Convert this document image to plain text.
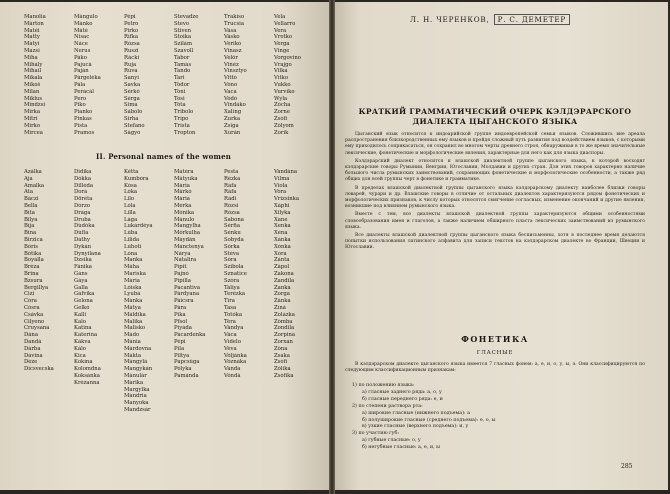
Manolia
Márton
Matéi
Matty
Mátyi
Mazsi
Miha
Mihály
Mihail
Mikala
Mikoš
Milan
Miklus
Mindzsi
Mirka
Mitri
Mirko
Mircea
Mángulo
Mánko
Máté
Nisac
Náce
Nerus
Páko
Pajucá
Paján
Párgeléka
Pála
Perácál
Pero
Piko
Pianko
Pinkas
Pista
Pramos
Pépi
Petro
Pirko
Rífka
Rózsa
Ruszi
Rácki
Ruja
Rúva
Sanyi
Savka
Sérkó
Sérga
Sima
Sábolo
Sirha
Stefano
Ságyo
Stevadze
Stevo
Stiven
Stoika
Szilám
Szavoll
Tabor
Tamás
Tando
Tari
Tódor
Tóni
Tosi
Tóta
Tribolo
Tripo
Trista
Tropton
Trakiso
Trucsia
Vása
Vásko
Vérikó
Vinasz
Velőr
Vinéz
Vinsztyo
Vittó
Vóno
Vaca
Vódó
Vindáko
Xaling
Zurka
Zsiga
Xurán
Vela
Vellarro
Vera
Vrotko
Vérga
Vinge
Vorgovino
Vrajgo
Vilka
Vítko
Vukko
Vurvíko
Wyla
Zócha
Zorne
Zsófi
Zólyom
Zorik
II. Personal names of the women
Azálka
Aja
Amalka
Ata
Báczi
Bella
Bíta
Bilya
Bíja
Bina
Birzica
Bóris
Bótika
Boyálla
Bréza
Brina
Bzsura
Bergillya
Cizi
Córa
Cósra
Csávka
Cilyeno
Cruysana
Dána
Dandá
Dárba
Dávina
Déze
Dícsvecska
Didika
Dókka
Dilléda
Dorá
Döréta
Dórzo
Drága
Druba
Dúdóka
Dúfla
Dáthy
Dykán
Dynyilana
Dzsika
Fánika
Gáns
Gáya
Galla
Gáfvika
Gelona
Gelkó
Kalli
Kalo
Katina
Katerina
Kákva
Kálo
Kica
Kokína
Kolomdna
Koksánka
Krézanna
Kétta
Kumbóra
Kósa
Lóka
Lilo
Lóla
Lilla
Lága
Lukárdéya
Lúba
Lilida
Lúhoti
Lóna
Manka
Máha
Mariska
Mária
Lóiska
Lyubá
Mánka
Mátya
Máldika
Malika
Malisko
Mádo
Mánia
Márdovna
Mákta
Mángylá
Mangykán
Mánulár
Márika
Margylka
Mándria
Manyoka
Mandzsár
Matéra
Mátyuka
Mária
Márkó
Mária
Mérka
Mónika
Mánulo
Mangylha
Mórkulha
Máydán
Mánctenya
Nárya
Nátalira
Pípit
Pajnó
Pipilla
Pacantiva
Párdyana
Páicsra
Pára
Pika
Pfsol
Píyáda
Pácardenka
Pépi
Pila
Piltya
Papcsűga
Pólyka
Pamánda
Pesta
Rézka
Ráfa
Ráfa
Rádi
Rózsi
Rózsa
Sabona
Sérfia
Sénku
Sobyda
Sórka
Stéva
Sóra
Szibola
Sznatice
Szóra
Táliya
Terézka
Tíra
Tasa
Totóka
Téra
Vándya
Váca
Vídelo
Véva
Vóljánka
Vóznáka
Vánda
Vóndá
Vándána
Vílma
Viola
Vóra
Vrizsinka
Xáphi
Xilyka
Xane
Xenka
Xéna
Xánka
Xónka
Xóra
Zánta
Zápol
Zakona
Zandila
Zanka
Zorga
Zánka
Zíná
Zolázka
Zómba
Zondila
Zorpina
Zorxan
Zóna
Zsáka
Zsófi
Zólika
Zsófika
Л. Н. ЧЕРЕНКОВ, Р. С. ДЕМЕТЕР
КРАТКИЙ ГРАММАТИЧЕСКИЙ ОЧЕРК КЭЛДЭРАРСКОГО ДИАЛЕКТА ЦЫГАНСКОГО ЯЗЫКА

Цыганский язык относится к индоарийской группе индоевропейской семьи языков. Сложившись вне ареала распространения близкородственных ему языков и пройдя сложный путь развития под воздействием языков, с которыми ему приходилось соприкасаться, он сохранил во многом черты древнего строя, обнаруживая в то же время значительные лексические, фонетические и морфологические явления, характерные для него как для языка диаспоры.

Кэлдэрарский диалект относится к влашской диалектной группе цыганского языка, к которой восходят кэлдэрарские говоры Румынии, Венгрии, Югославии, Молдавии и других стран. Для этих говоров характерно наличие большого числа румынских заимствований, сохраняющих фонетические и морфологические особенности, а также ряд общих для всей группы черт в фонетике и грамматике.

В пределах влашской диалектной группы цыганского языка кэлдэрарскому диалекту наиболее близки говоры ловарей, чурари и др. Влашские говоры в отличие от остальных диалектов характеризуются рядом фонетических и морфологических признаков, к числу которых относятся смягчение согласных, изменение окончаний и другие явления, возникшие под влиянием румынского языка.

Вместе с тем, все диалекты влашской диалектной группы характеризуются общими особенностями словообразования имен и глаголов, а также наличием обширного пласта лексических заимствований из румынского языка.

Все диалекты влашской диалектной группы цыганского языка бесписьменны, хотя в последнее время делаются попытки использования латинского алфавита для записи текстов на кэлдэрарском диалекте во Франции, Швеции и Югославии.

ФОНЕТИКА
ГЛАСНЫЕ

В кэлдэрарском диалекте цыганского языка имеется 7 гласных фонем: а, е, и, о, у, ы, э. Они классифицируются по следующим классификационным признакам:

1) по положению языка:
а) гласные заднего ряда: а, о, у
б) гласные переднего ряда: е, и
2) по степени раствора рта:
а) широкие гласные (нижнего подъема): а
б) полуширокие гласные (среднего подъема): е, о, ы
в) узкие гласные (верхнего подъема): и, у
3) по участию губ:
а) губные гласные: о, у
б) негубные гласные: а, е, и, ы
285
